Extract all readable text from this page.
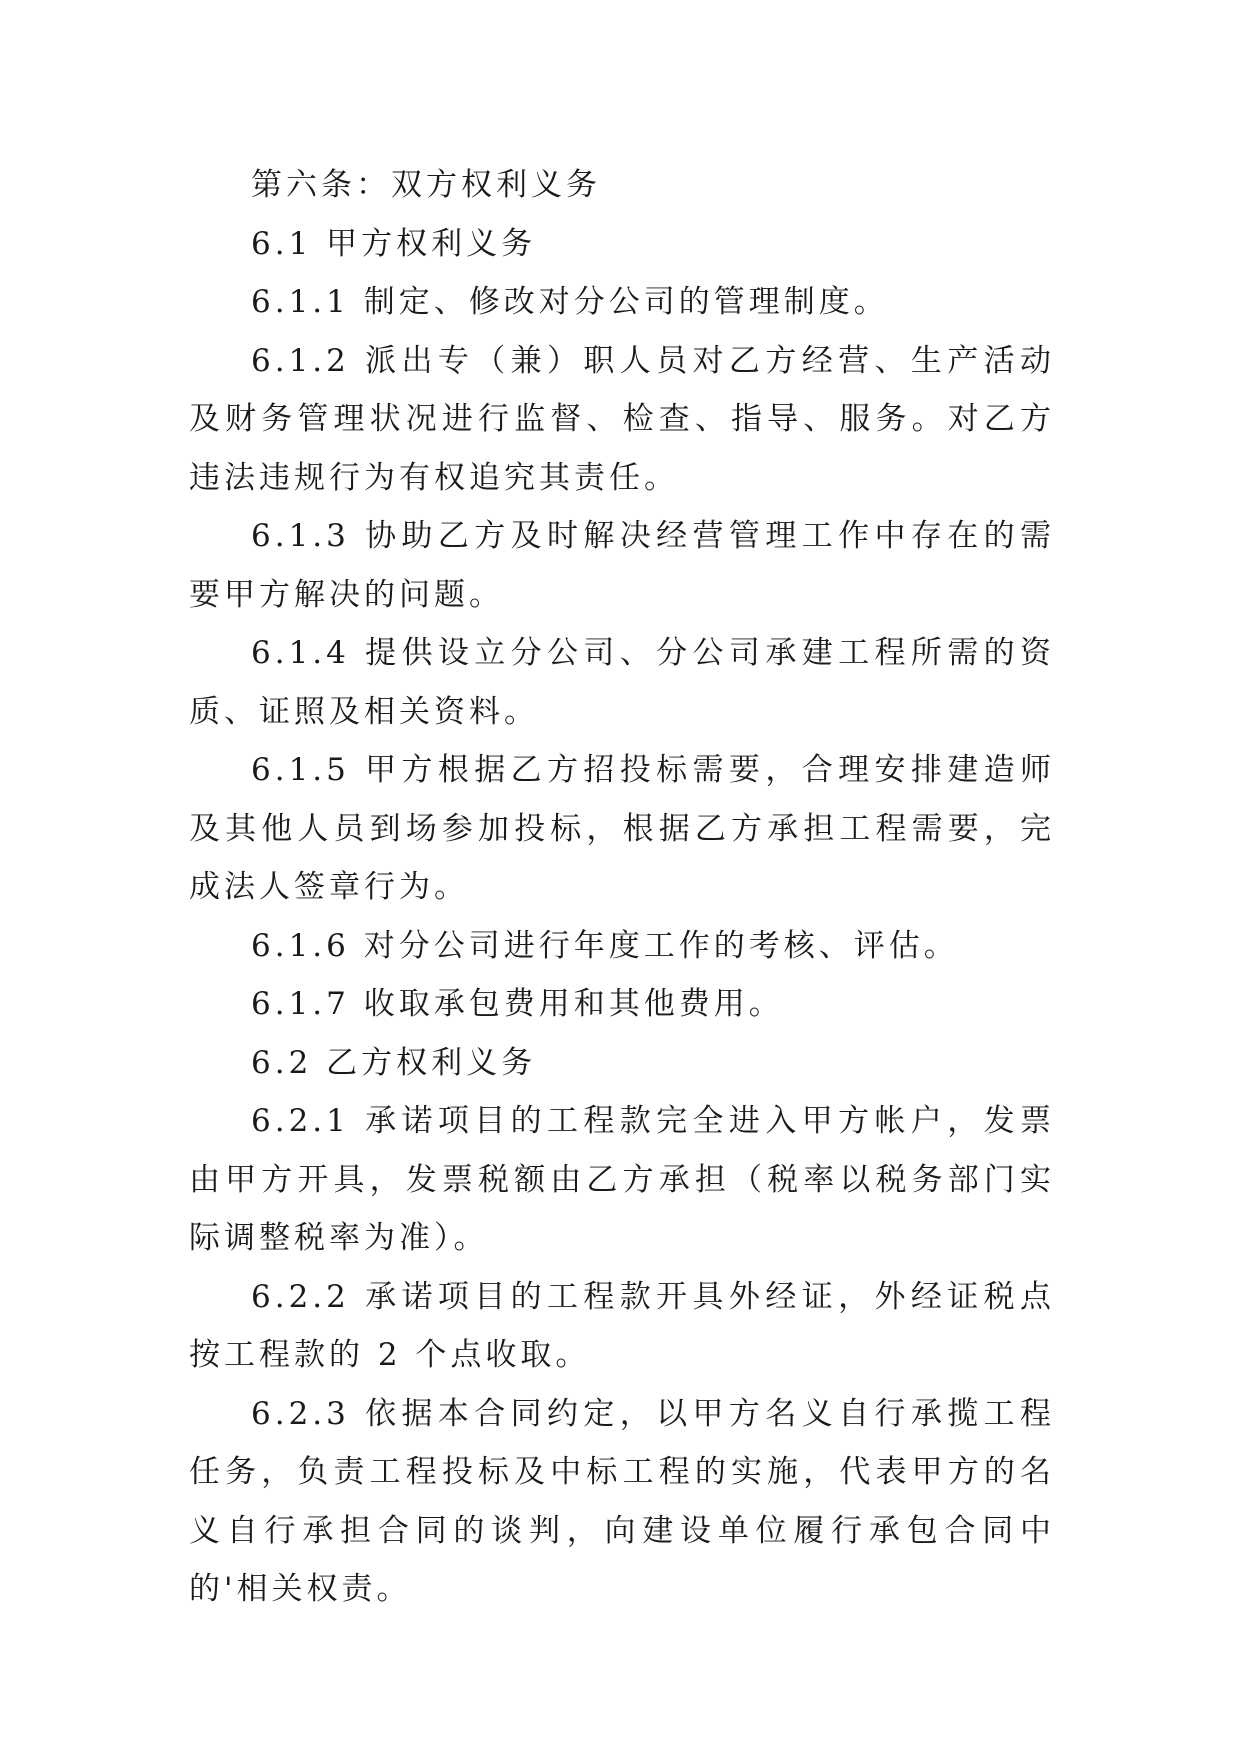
第六条：双方权利义务

6.1 甲方权利义务

6.1.1 制定、修改对分公司的管理制度。

6.1.2 派出专（兼）职人员对乙方经营、生产活动及财务管理状况进行监督、检查、指导、服务。对乙方违法违规行为有权追究其责任。

6.1.3 协助乙方及时解决经营管理工作中存在的需要甲方解决的问题。

6.1.4 提供设立分公司、分公司承建工程所需的资质、证照及相关资料。

6.1.5 甲方根据乙方招投标需要，合理安排建造师及其他人员到场参加投标，根据乙方承担工程需要，完成法人签章行为。

6.1.6 对分公司进行年度工作的考核、评估。

6.1.7 收取承包费用和其他费用。

6.2 乙方权利义务

6.2.1 承诺项目的工程款完全进入甲方帐户，发票由甲方开具，发票税额由乙方承担（税率以税务部门实际调整税率为准）。

6.2.2 承诺项目的工程款开具外经证，外经证税点按工程款的 2 个点收取。

6.2.3 依据本合同约定，以甲方名义自行承揽工程任务，负责工程投标及中标工程的实施，代表甲方的名义自行承担合同的谈判，向建设单位履行承包合同中的'相关权责。
